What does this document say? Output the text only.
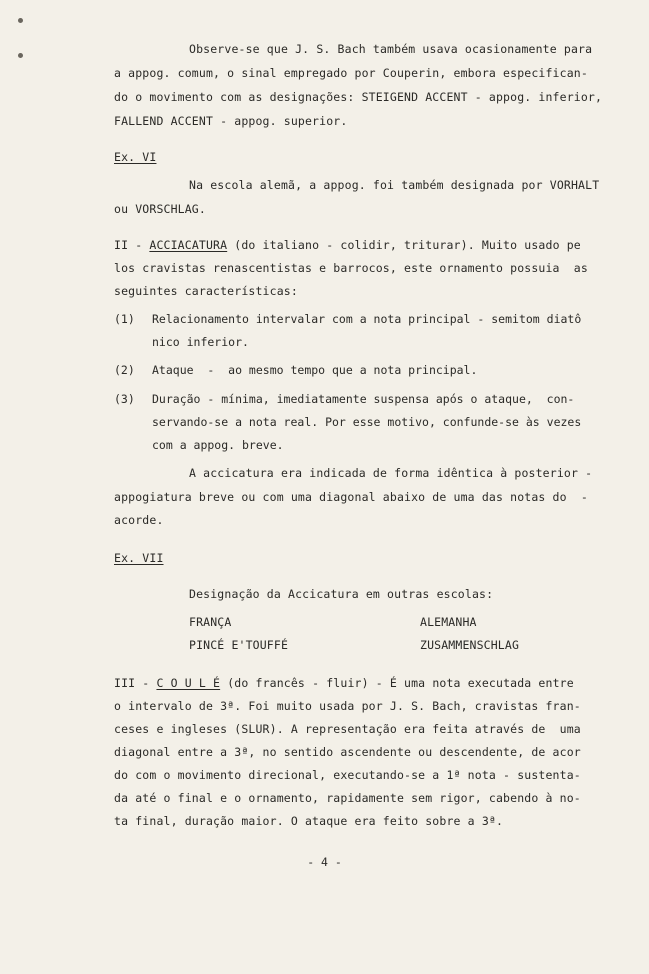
Observe-se que J. S. Bach também usava ocasionamente para
a appog. comum, o sinal empregado por Couperin, embora especifican-
do o movimento com as designações: STEIGEND ACCENT - appog. inferior,
FALLEND ACCENT - appog. superior.
Ex. VI
Na escola alemã, a appog. foi também designada por VORHALT
ou VORSCHLAG.
II - ACCIACATURA (do italiano - colidir, triturar). Muito usado pe
los cravistas renascentistas e barrocos, este ornamento possuia  as
seguintes características:
(1) Relacionamento intervalar com a nota principal - semitom diatô
nico inferior.
(2) Ataque  -  ao mesmo tempo que a nota principal.
(3) Duração - mínima, imediatamente suspensa após o ataque,  con-
servando-se a nota real. Por esse motivo, confunde-se às vezes
com a appog. breve.
A accicatura era indicada de forma idêntica à posterior -
appogiatura breve ou com uma diagonal abaixo de uma das notas do  -
acorde.
Ex. VII
Designação da Accicatura em outras escolas:
FRANÇA	ALEMANHA
PINCÉ E'TOUFFÉ	ZUSAMMENSCHLAG
III - C O U L É (do francês - fluir) - É uma nota executada entre
o intervalo de 3ª. Foi muito usada por J. S. Bach, cravistas fran-
ceses e ingleses (SLUR). A representação era feita através de  uma
diagonal entre a 3ª, no sentido ascendente ou descendente, de acor
do com o movimento direcional, executando-se a 1ª nota - sustenta-
da até o final e o ornamento, rapidamente sem rigor, cabendo à no-
ta final, duração maior. O ataque era feito sobre a 3ª.
- 4 -
